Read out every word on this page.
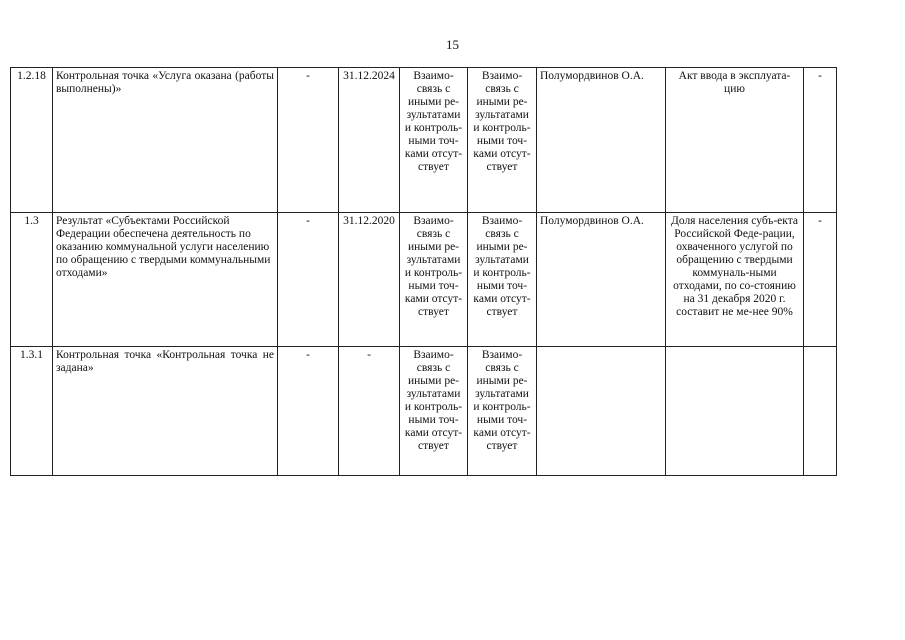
15
1.2.18	Контрольная точка «Услуга оказана (работы выполнены)»	-	31.12.2024	Взаимо-связь с иными ре-зультатами и контроль-ными точ-ками отсут-ствует	Взаимо-связь с иными ре-зультатами и контроль-ными точ-ками отсут-ствует	Полумордвинов О.А.	Акт ввода в эксплуата-цию	-
1.3	Результат «Субъектами Российской Федерации обеспечена деятельность по оказанию коммунальной услуги населению по обращению с твердыми коммунальными отходами»	-	31.12.2020	Взаимо-связь с иными ре-зультатами и контроль-ными точ-ками отсут-ствует	Взаимо-связь с иными ре-зультатами и контроль-ными точ-ками отсут-ствует	Полумордвинов О.А.	Доля населения субъ-екта Российской Феде-рации, охваченного услугой по обращению с твердыми коммуналь-ными отходами, по со-стоянию на 31 декабря 2020 г. составит не ме-нее 90%	-
1.3.1	Контрольная точка «Контрольная точка не задана»	-	-	Взаимо-связь с иными ре-зультатами и контроль-ными точ-ками отсут-ствует	Взаимо-связь с иными ре-зультатами и контроль-ными точ-ками отсут-ствует			
